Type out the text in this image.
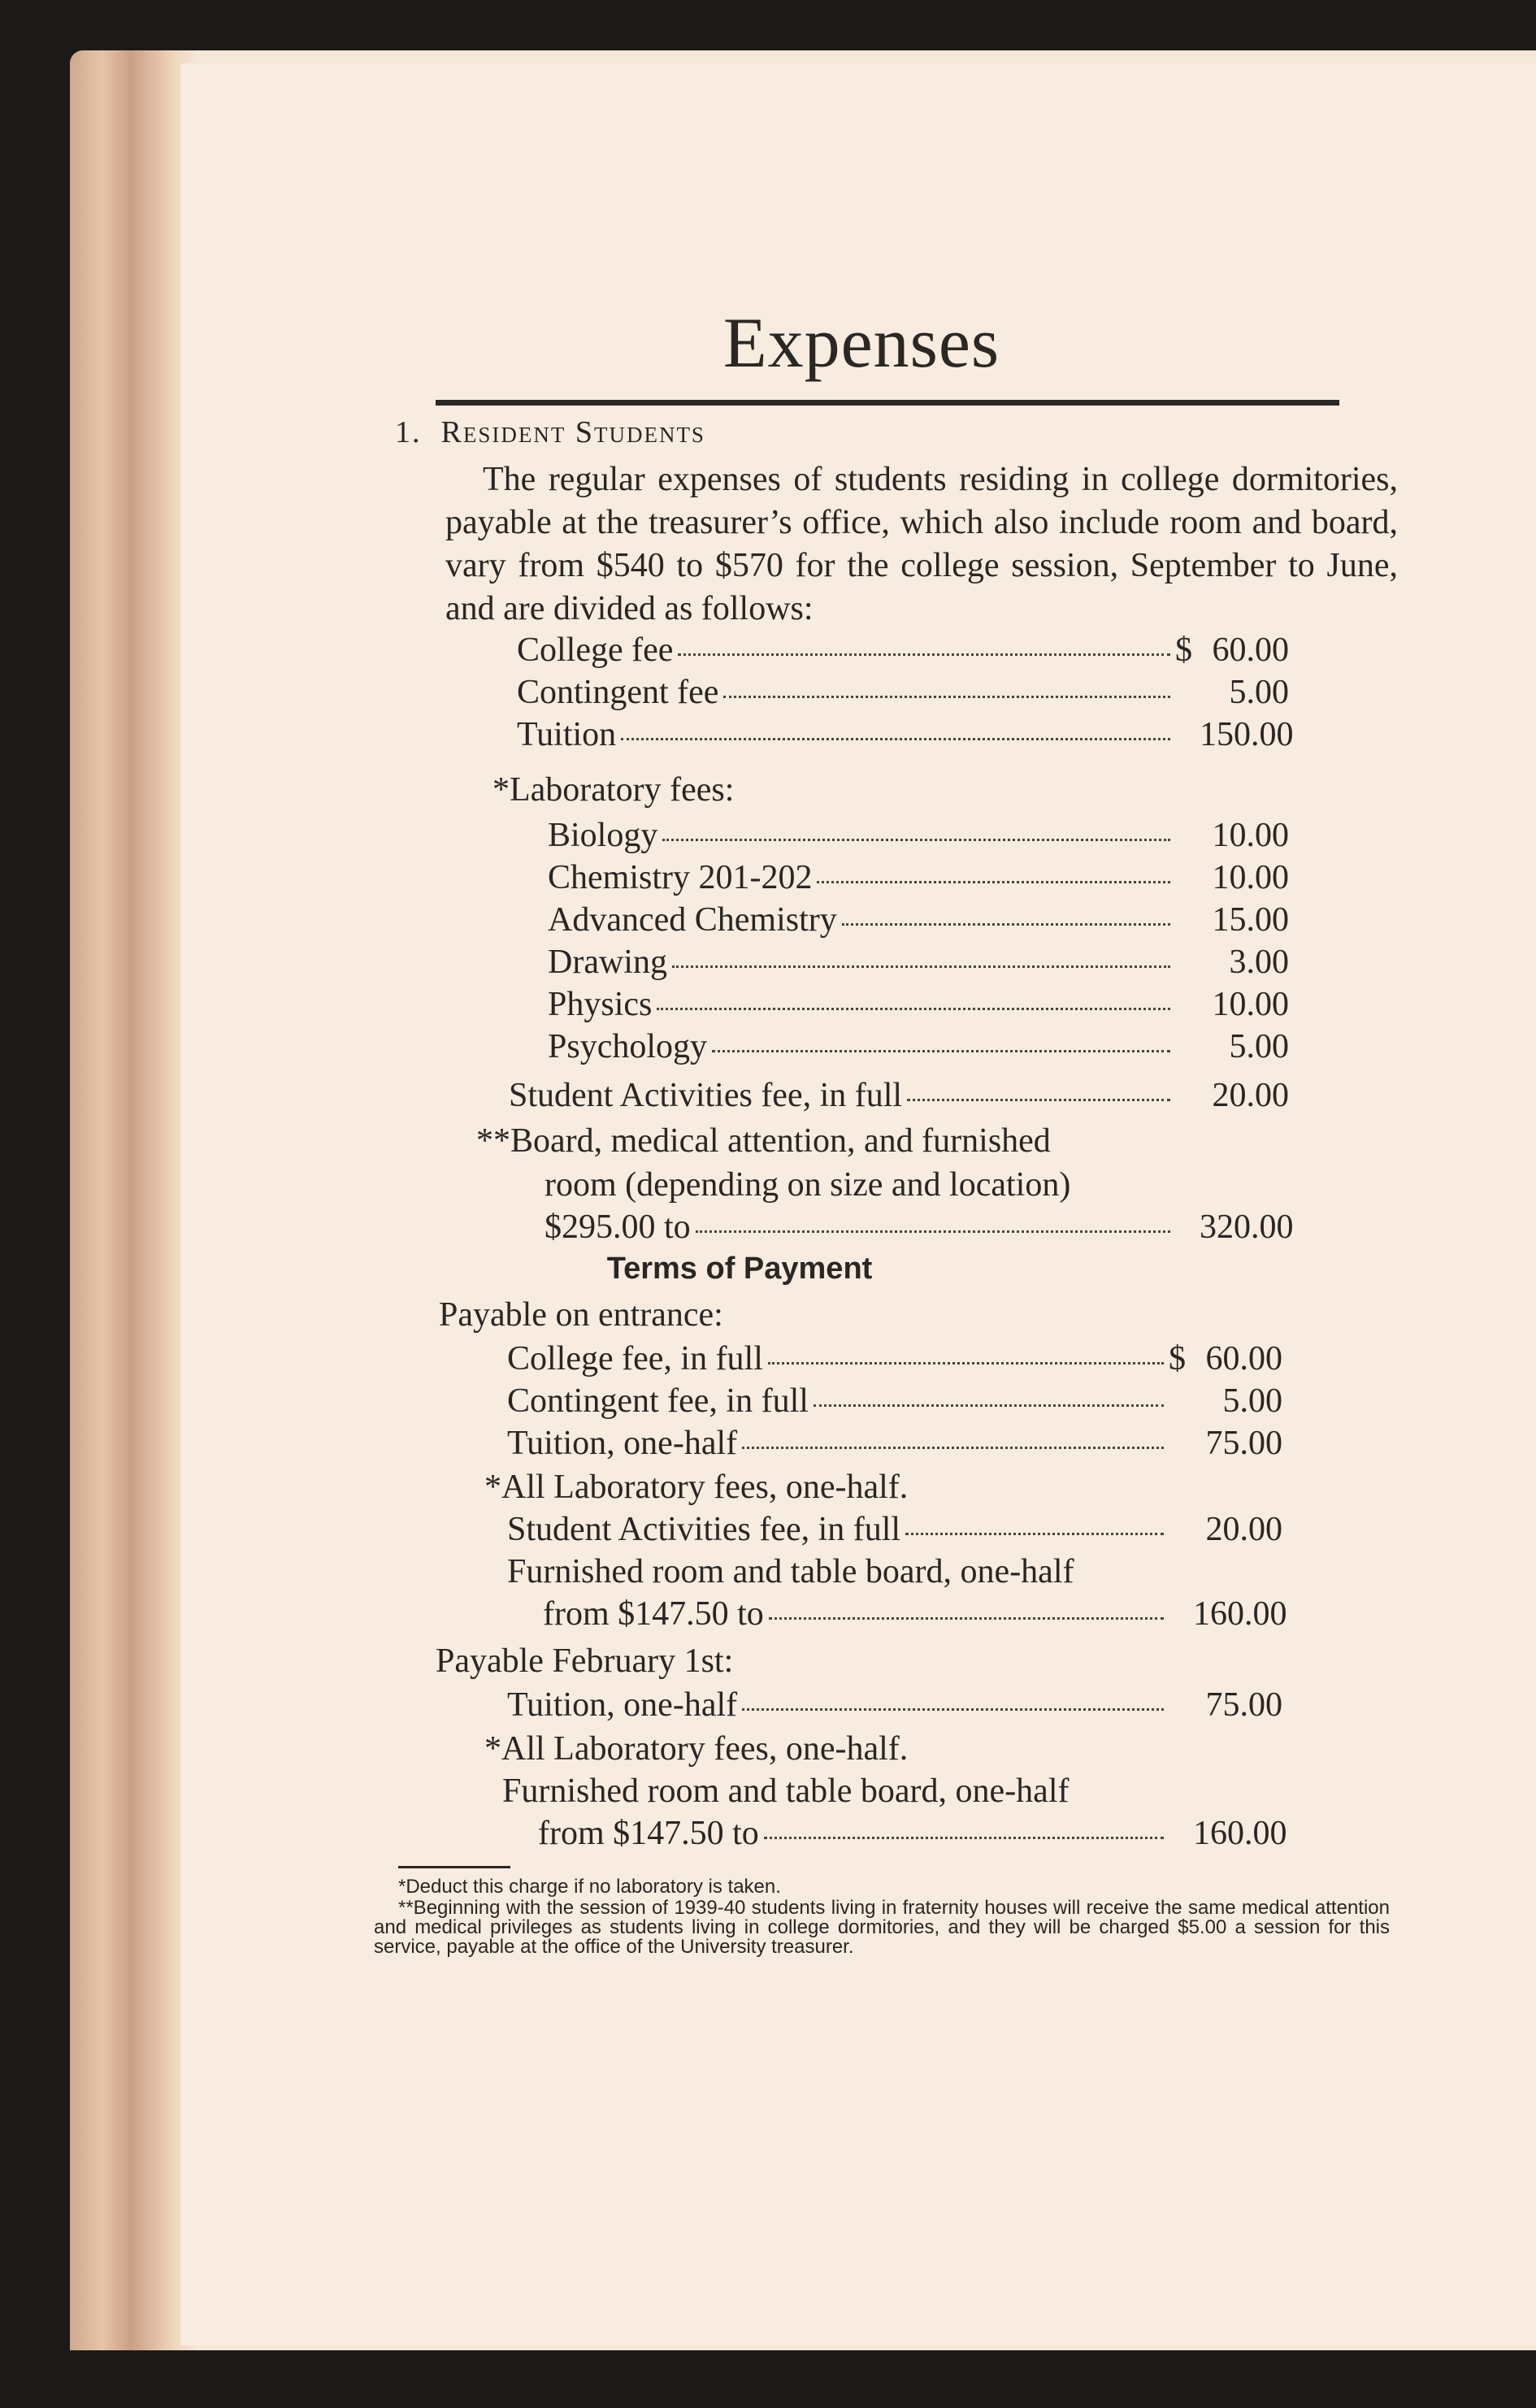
Expenses
1. Resident Students

The regular expenses of students residing in college dormitories, payable at the treasurer’s office, which also include room and board, vary from $540 to $570 for the college session, September to June, and are divided as follows:

College fee	$ 60.00
Contingent fee	5.00
Tuition	150.00
*Laboratory fees:
Biology	10.00
Chemistry 201-202	10.00
Advanced Chemistry	15.00
Drawing	3.00
Physics	10.00
Psychology	5.00
Student Activities fee, in full	20.00
**Board, medical attention, and furnished
room (depending on size and location)
$295.00 to	320.00
Terms of Payment
Payable on entrance:
College fee, in full	$ 60.00
Contingent fee, in full	5.00
Tuition, one-half	75.00
*All Laboratory fees, one-half.
Student Activities fee, in full	20.00
Furnished room and table board, one-half
from $147.50 to	160.00
Payable February 1st:
Tuition, one-half	75.00
*All Laboratory fees, one-half.
Furnished room and table board, one-half
from $147.50 to	160.00
*Deduct this charge if no laboratory is taken.
**Beginning with the session of 1939-40 students living in fraternity houses will receive the same medical attention and medical privileges as students living in college dormitories, and they will be charged $5.00 a session for this service, payable at the office of the University treasurer.
